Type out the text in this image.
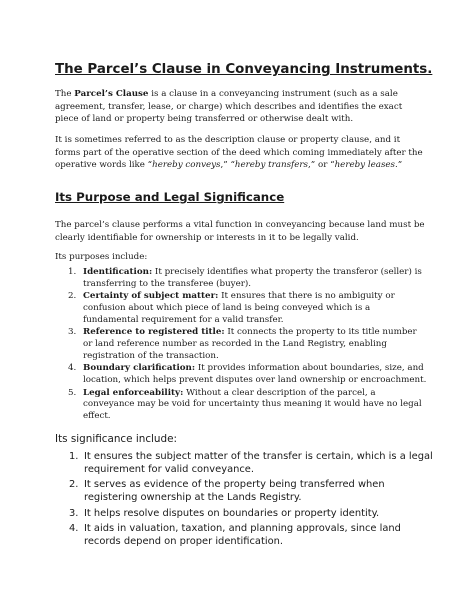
The Parcel’s Clause in Conveyancing Instruments.

The Parcel’s Clause is a clause in a conveyancing instrument (such as a sale agreement, transfer, lease, or charge) which describes and identifies the exact piece of land or property being transferred or otherwise dealt with.

It is sometimes referred to as the description clause or property clause, and it forms part of the operative section of the deed which coming immediately after the operative words like “hereby conveys,” “hereby transfers,” or “hereby leases.”

Its Purpose and Legal Significance

The parcel’s clause performs a vital function in conveyancing because land must be clearly identifiable for ownership or interests in it to be legally valid.

Its purposes include:

1. Identification: It precisely identifies what property the transferor (seller) is transferring to the transferee (buyer).
2. Certainty of subject matter: It ensures that there is no ambiguity or confusion about which piece of land is being conveyed which is a fundamental requirement for a valid transfer.
3. Reference to registered title: It connects the property to its title number or land reference number as recorded in the Land Registry, enabling registration of the transaction.
4. Boundary clarification: It provides information about boundaries, size, and location, which helps prevent disputes over land ownership or encroachment.
5. Legal enforceability: Without a clear description of the parcel, a conveyance may be void for uncertainty thus meaning it would have no legal effect.

Its significance include:

1. It ensures the subject matter of the transfer is certain, which is a legal requirement for valid conveyance.
2. It serves as evidence of the property being transferred when registering ownership at the Lands Registry.
3. It helps resolve disputes on boundaries or property identity.
4. It aids in valuation, taxation, and planning approvals, since land records depend on proper identification.
